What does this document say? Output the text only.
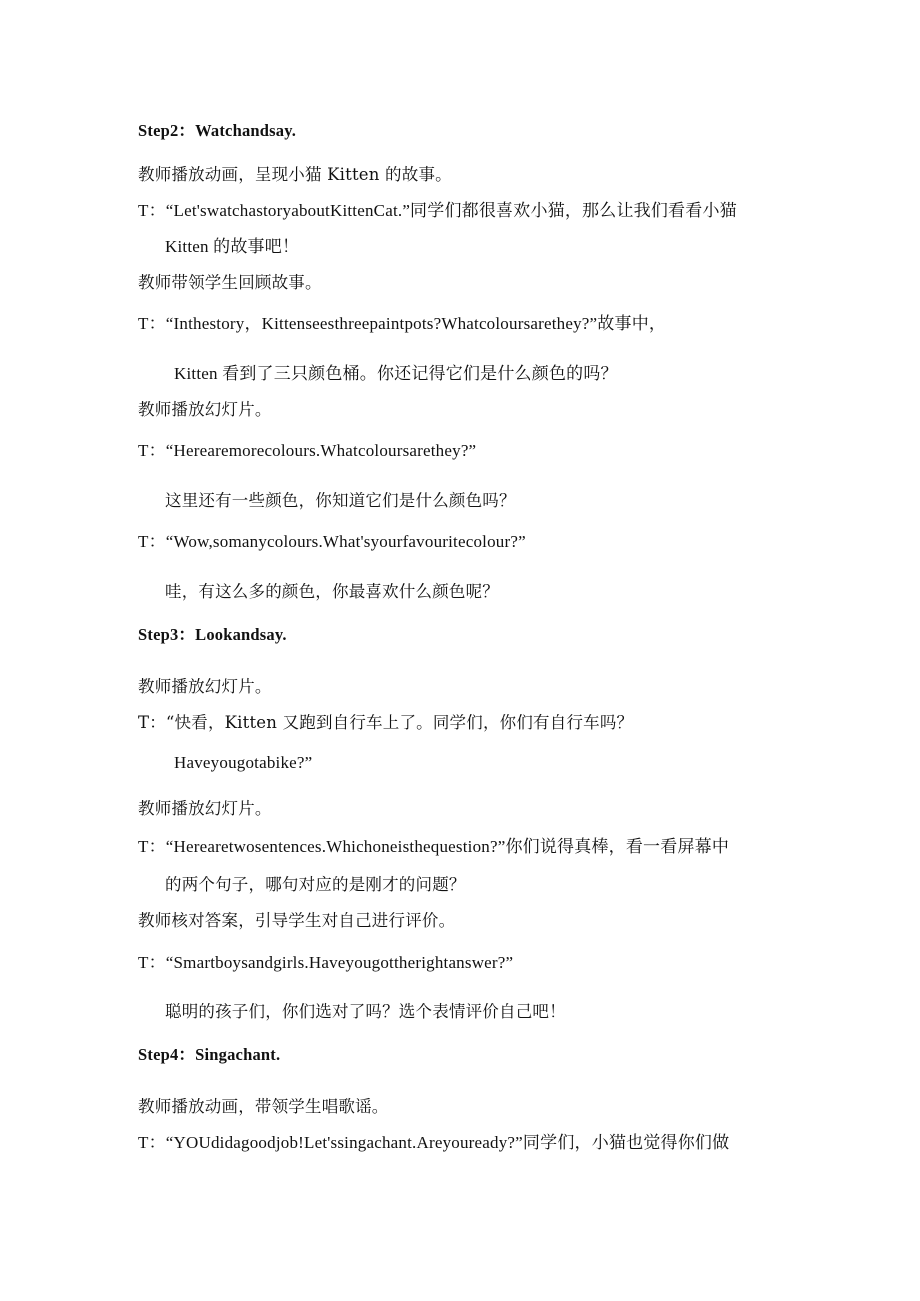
Step2：Watchandsay.
教师播放动画，呈现小猫 Kitten 的故事。
T：“Let'swatchastoryaboutKittenCat.”同学们都很喜欢小猫，那么让我们看看小猫
Kitten 的故事吧！
教师带领学生回顾故事。
T：“Inthestory，Kittenseesthreepaintpots?Whatcoloursarethey?”故事中，
Kitten 看到了三只颜色桶。你还记得它们是什么颜色的吗？
教师播放幻灯片。
T：“Herearemorecolours.Whatcoloursarethey?”
这里还有一些颜色，你知道它们是什么颜色吗？
T：“Wow,somanycolours.What'syourfavouritecolour?”
哇，有这么多的颜色，你最喜欢什么颜色呢？
Step3：Lookandsay.
教师播放幻灯片。
T：“快看，Kitten 又跑到自行车上了。同学们，你们有自行车吗？
Haveyougotabike?”
教师播放幻灯片。
T：“Herearetwosentences.Whichoneisthequestion?”你们说得真棒，看一看屏幕中
的两个句子，哪句对应的是刚才的问题？
教师核对答案，引导学生对自己进行评价。
T：“Smartboysandgirls.Haveyougottherightanswer?”
聪明的孩子们，你们选对了吗？选个表情评价自己吧！
Step4：Singachant.
教师播放动画，带领学生唱歌谣。
T：“YOUdidagoodjob!Let'ssingachant.Areyouready?”同学们，小猫也觉得你们做
